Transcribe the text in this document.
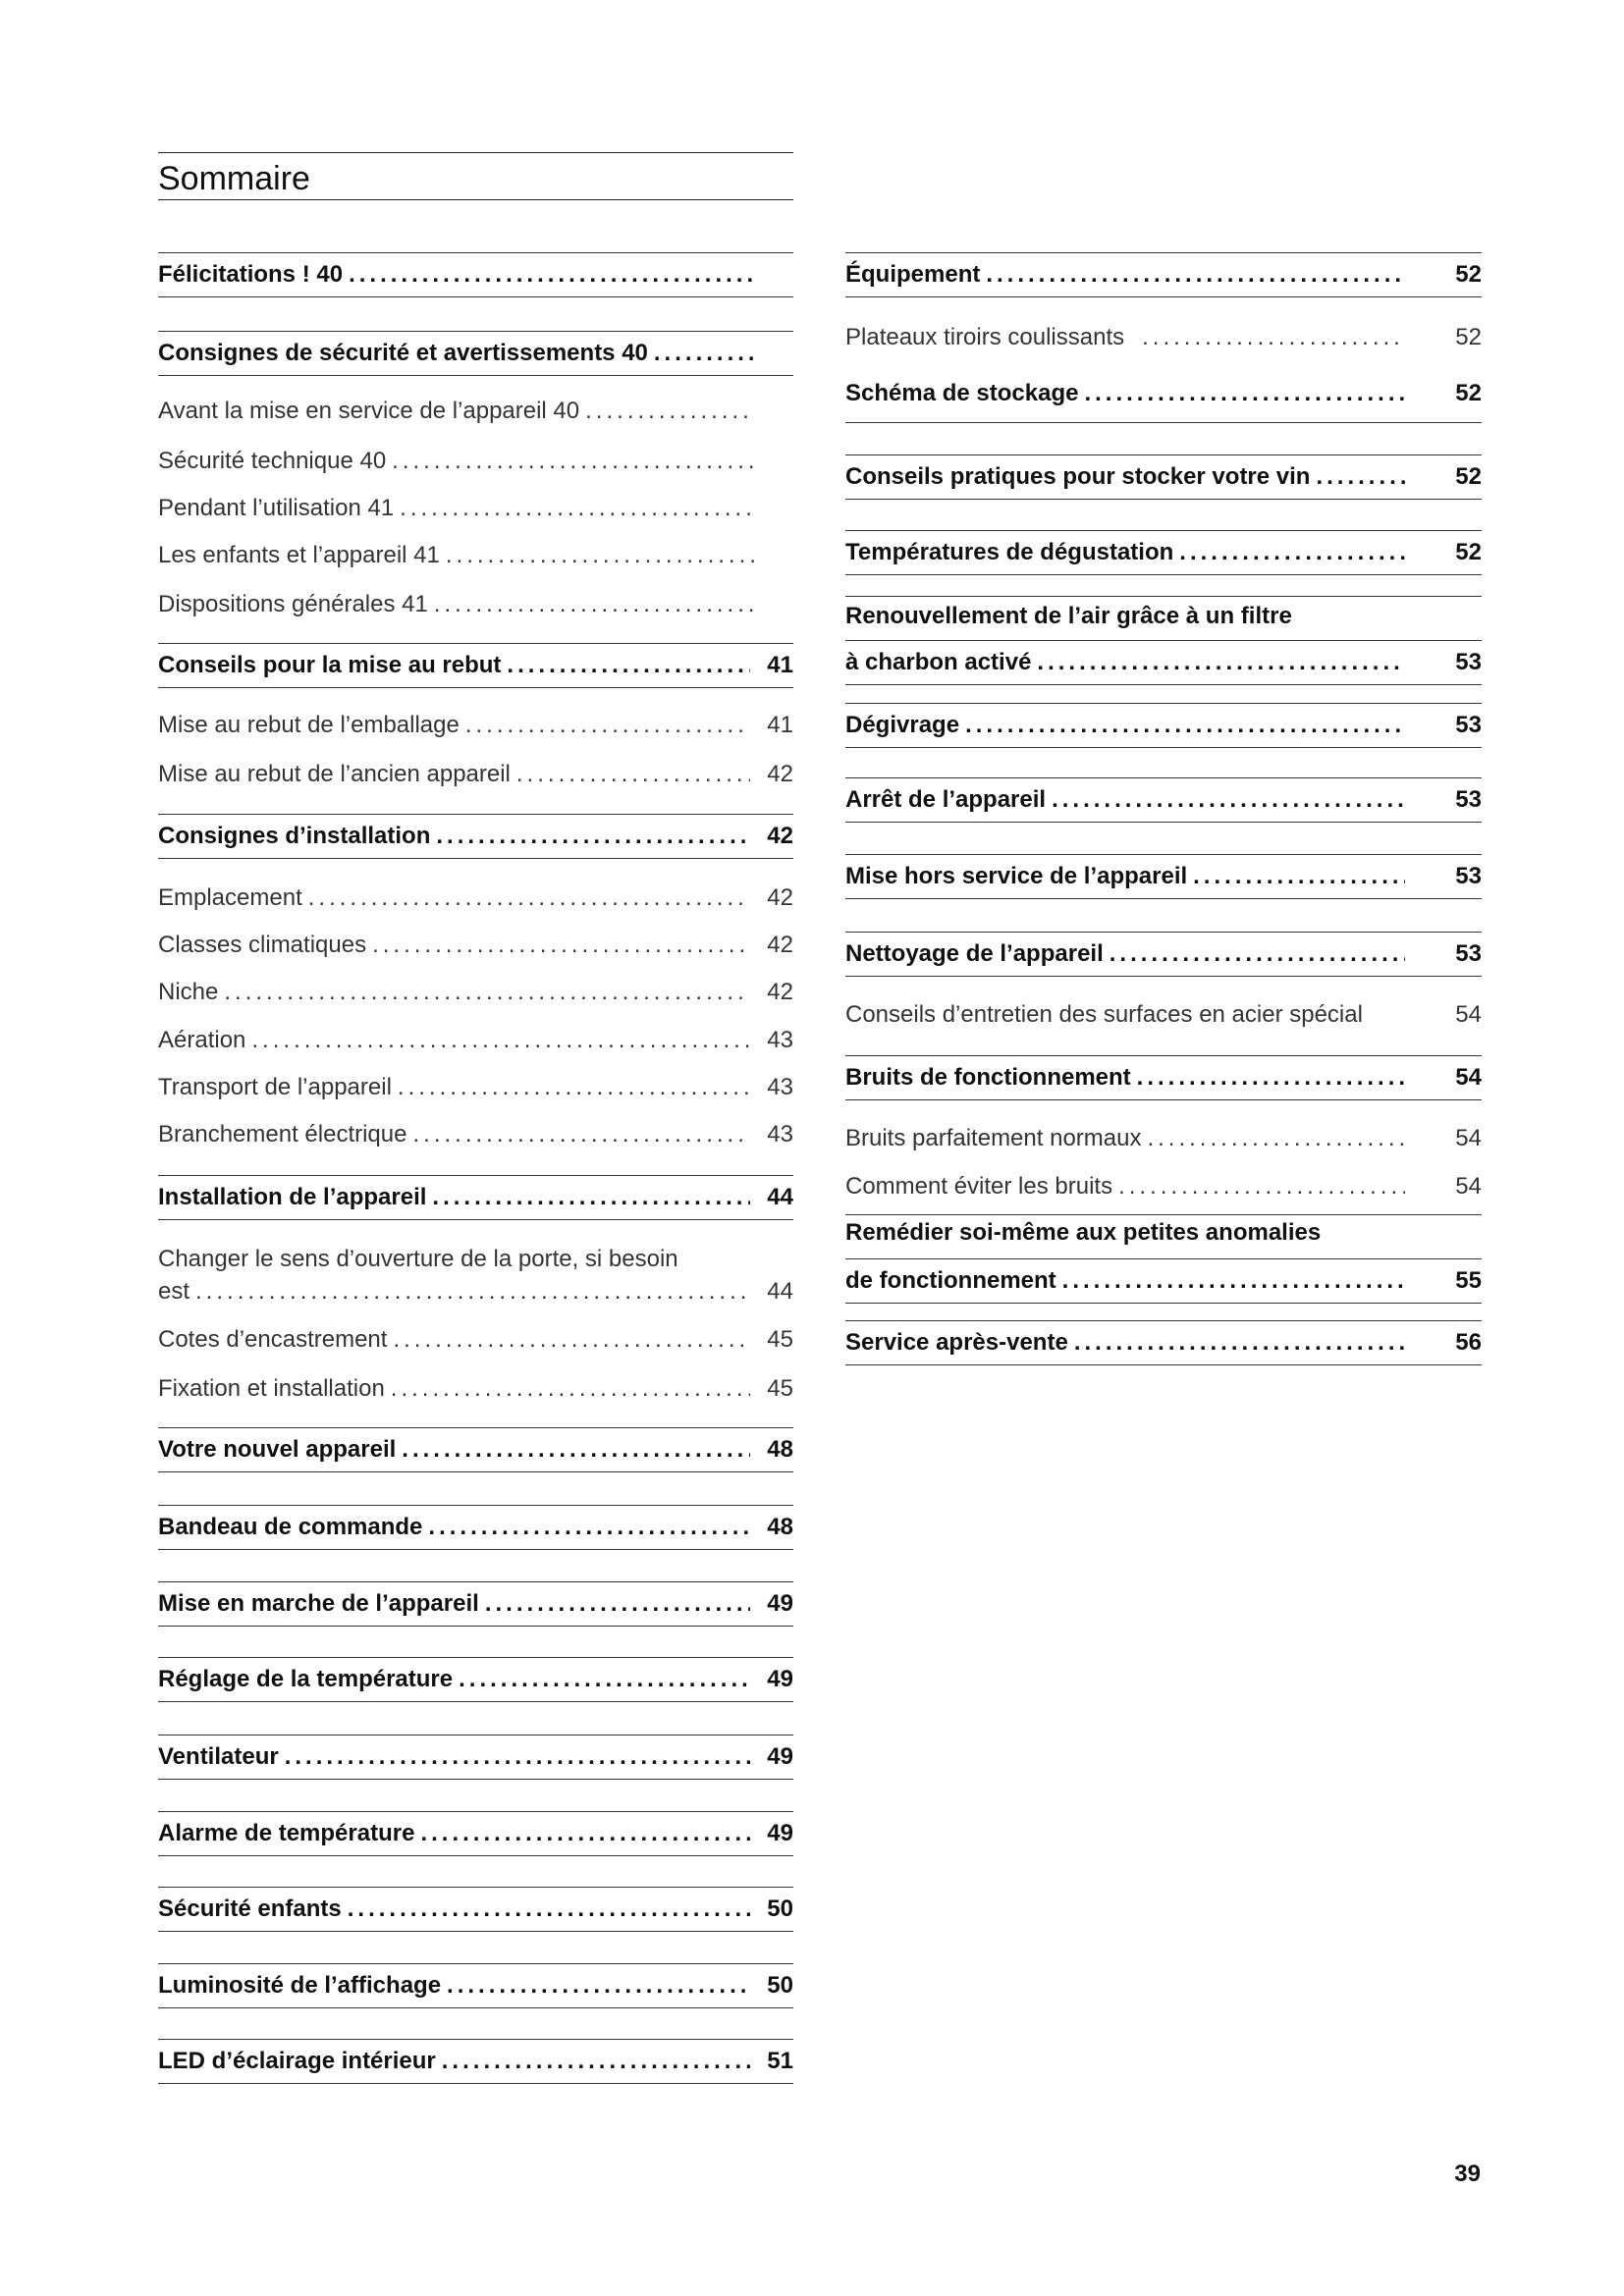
Sommaire
Félicitations ! 40
.....
Consignes de sécurité et avertissements 40
.....
Avant la mise en service de l’appareil 40
.....
Sécurité technique 40
.....
Pendant l’utilisation 41
.....
Les enfants et l’appareil 41
.....
Dispositions générales 41
.....
Conseils pour la mise au rebut .....	41
Mise au rebut de l’emballage .....	41
Mise au rebut de l’ancien appareil .....	42
Consignes d’installation .....	42
Emplacement .....	42
Classes climatiques .....	42
Niche .....	42
Aération .....	43
Transport de l’appareil .....	43
Branchement électrique .....	43
Installation de l’appareil .....	44
Changer le sens d’ouverture de la porte, si besoin
est .....	44
Cotes d’encastrement .....	45
Fixation et installation .....	45
Votre nouvel appareil .....	48
Bandeau de commande .....	48
Mise en marche de l’appareil .....	49
Réglage de la température .....	49
Ventilateur .....	49
Alarme de température .....	49
Sécurité enfants .....	50
Luminosité de l’affichage .....	50
LED d’éclairage intérieur .....	51
Équipement .....	52
Plateaux tiroirs coulissants .....	52
Schéma de stockage .....	52
Conseils pratiques pour stocker votre vin .....	52
Températures de dégustation .....	52
Renouvellement de l’air grâce à un filtre
à charbon activé .....	53
Dégivrage .....	53
Arrêt de l’appareil .....	53
Mise hors service de l’appareil .....	53
Nettoyage de l’appareil .....	53
Conseils d’entretien des surfaces en acier spécial	54
Bruits de fonctionnement .....	54
Bruits parfaitement normaux .....	54
Comment éviter les bruits .....	54
Remédier soi-même aux petites anomalies
de fonctionnement .....	55
Service après-vente .....	56
39
